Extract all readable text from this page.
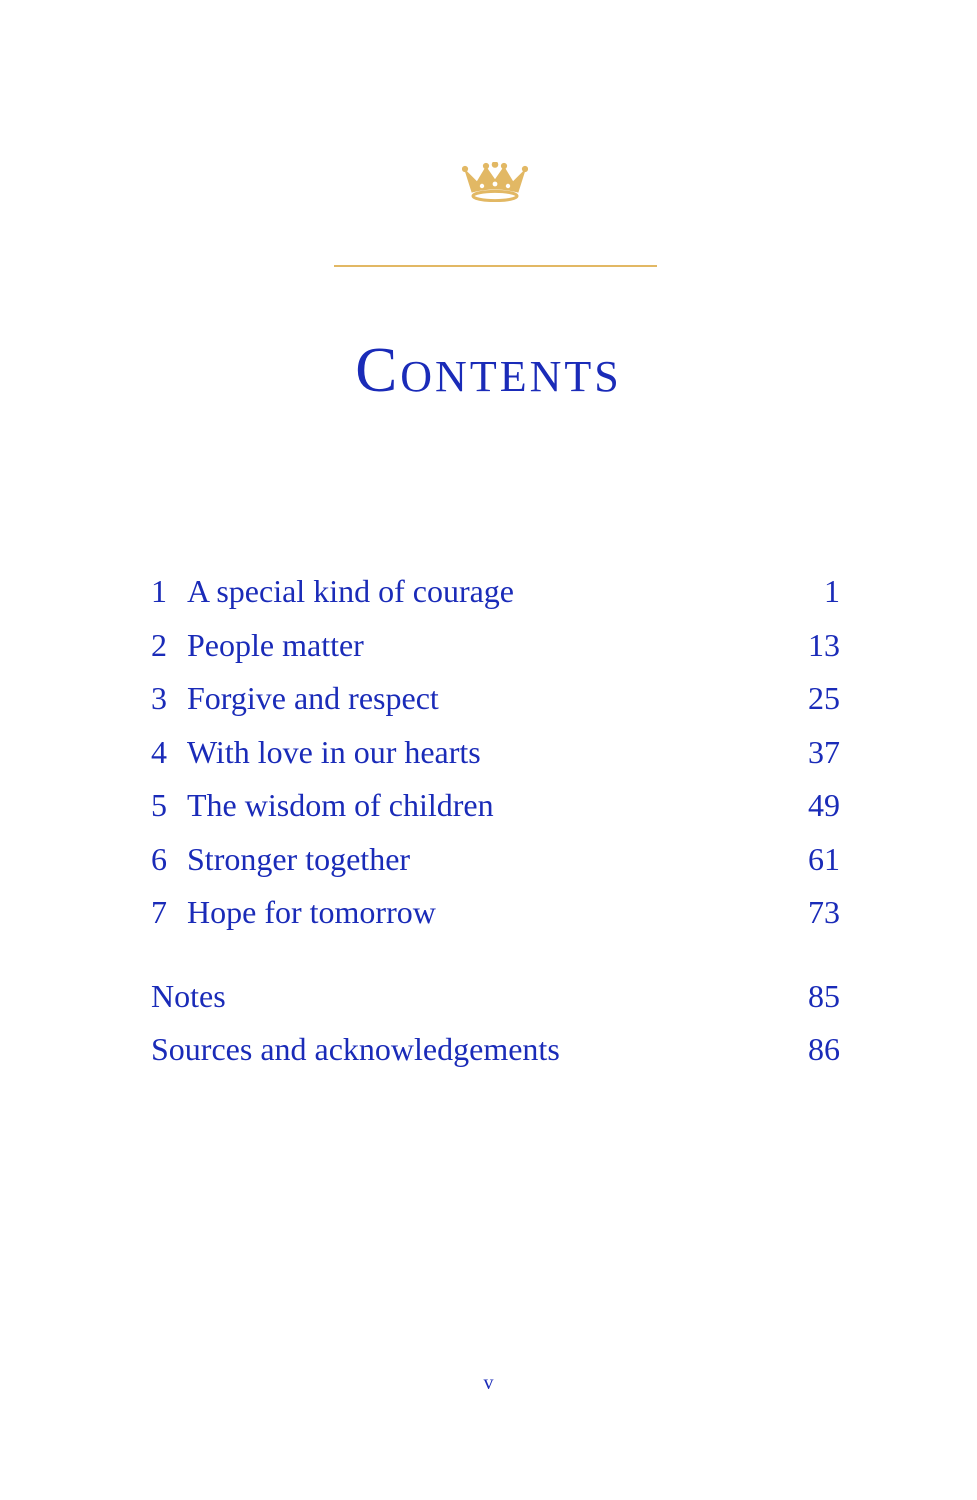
Contents
1 A special kind of courage	1
2 People matter	13
3 Forgive and respect	25
4 With love in our hearts	37
5 The wisdom of children	49
6 Stronger together	61
7 Hope for tomorrow	73
Notes	85
Sources and acknowledgements	86
v
